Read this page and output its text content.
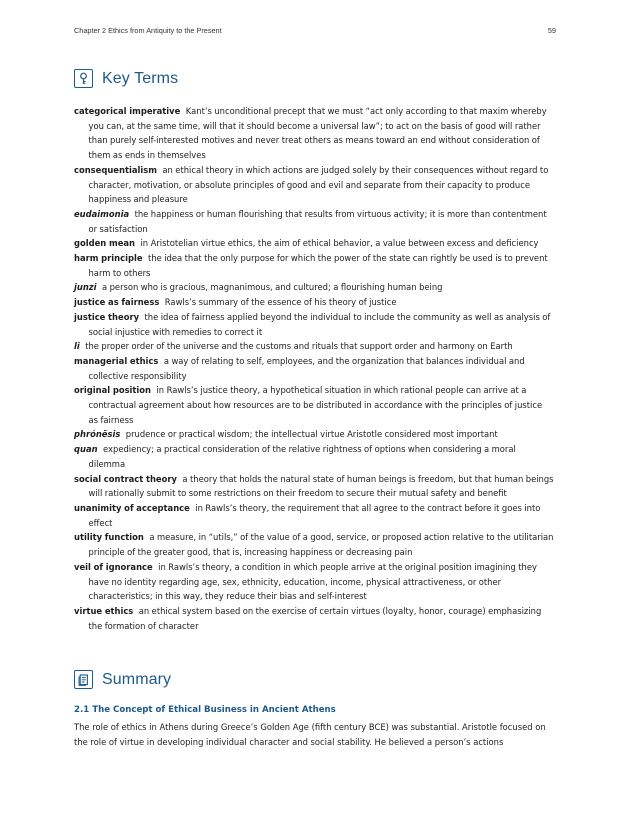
Chapter 2 Ethics from Antiquity to the Present	59
Key Terms
categorical imperative Kant’s unconditional precept that we must “act only according to that maxim whereby you can, at the same time, will that it should become a universal law”; to act on the basis of good will rather than purely self-interested motives and never treat others as means toward an end without consideration of them as ends in themselves
consequentialism an ethical theory in which actions are judged solely by their consequences without regard to character, motivation, or absolute principles of good and evil and separate from their capacity to produce happiness and pleasure
eudaimonia the happiness or human flourishing that results from virtuous activity; it is more than contentment or satisfaction
golden mean in Aristotelian virtue ethics, the aim of ethical behavior, a value between excess and deficiency
harm principle the idea that the only purpose for which the power of the state can rightly be used is to prevent harm to others
junzi a person who is gracious, magnanimous, and cultured; a flourishing human being
justice as fairness Rawls’s summary of the essence of his theory of justice
justice theory the idea of fairness applied beyond the individual to include the community as well as analysis of social injustice with remedies to correct it
li the proper order of the universe and the customs and rituals that support order and harmony on Earth
managerial ethics a way of relating to self, employees, and the organization that balances individual and collective responsibility
original position in Rawls’s justice theory, a hypothetical situation in which rational people can arrive at a contractual agreement about how resources are to be distributed in accordance with the principles of justice as fairness
phrónēsis prudence or practical wisdom; the intellectual virtue Aristotle considered most important
quan expediency; a practical consideration of the relative rightness of options when considering a moral dilemma
social contract theory a theory that holds the natural state of human beings is freedom, but that human beings will rationally submit to some restrictions on their freedom to secure their mutual safety and benefit
unanimity of acceptance in Rawls’s theory, the requirement that all agree to the contract before it goes into effect
utility function a measure, in “utils,” of the value of a good, service, or proposed action relative to the utilitarian principle of the greater good, that is, increasing happiness or decreasing pain
veil of ignorance in Rawls’s theory, a condition in which people arrive at the original position imagining they have no identity regarding age, sex, ethnicity, education, income, physical attractiveness, or other characteristics; in this way, they reduce their bias and self-interest
virtue ethics an ethical system based on the exercise of certain virtues (loyalty, honor, courage) emphasizing the formation of character
Summary
2.1 The Concept of Ethical Business in Ancient Athens
The role of ethics in Athens during Greece’s Golden Age (fifth century BCE) was substantial. Aristotle focused on the role of virtue in developing individual character and social stability. He believed a person’s actions
